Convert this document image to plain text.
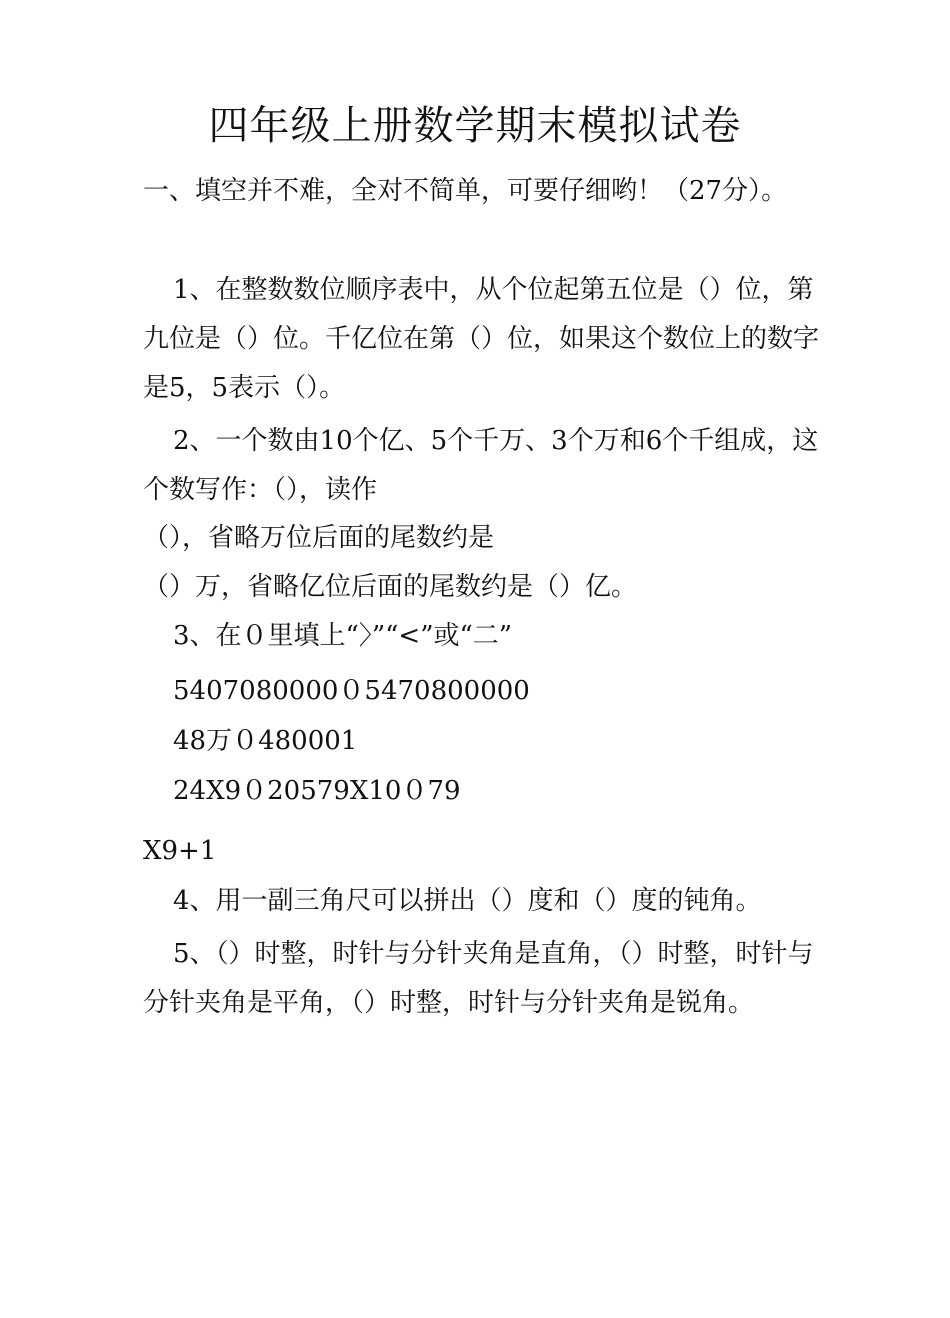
四年级上册数学期末模拟试卷

一、填空并不难，全对不简单，可要仔细哟！（27分）。

1、在整数数位顺序表中，从个位起第五位是（）位，第九位是（）位。千亿位在第（）位，如果这个数位上的数字是5，5表示（）。

2、一个数由10个亿、5个千万、3个万和6个千组成，这个数写作：（），读作

（），省略万位后面的尾数约是

（）万，省略亿位后面的尾数约是（）亿。

3、在０里填上“〉”“<”或“二”

5407080000０5470800000

48万０480001

24X9０20579X10０79

X9+1

4、用一副三角尺可以拼出（）度和（）度的钝角。

5、（）时整，时针与分针夹角是直角，（）时整，时针与分针夹角是平角，（）时整，时针与分针夹角是锐角。
